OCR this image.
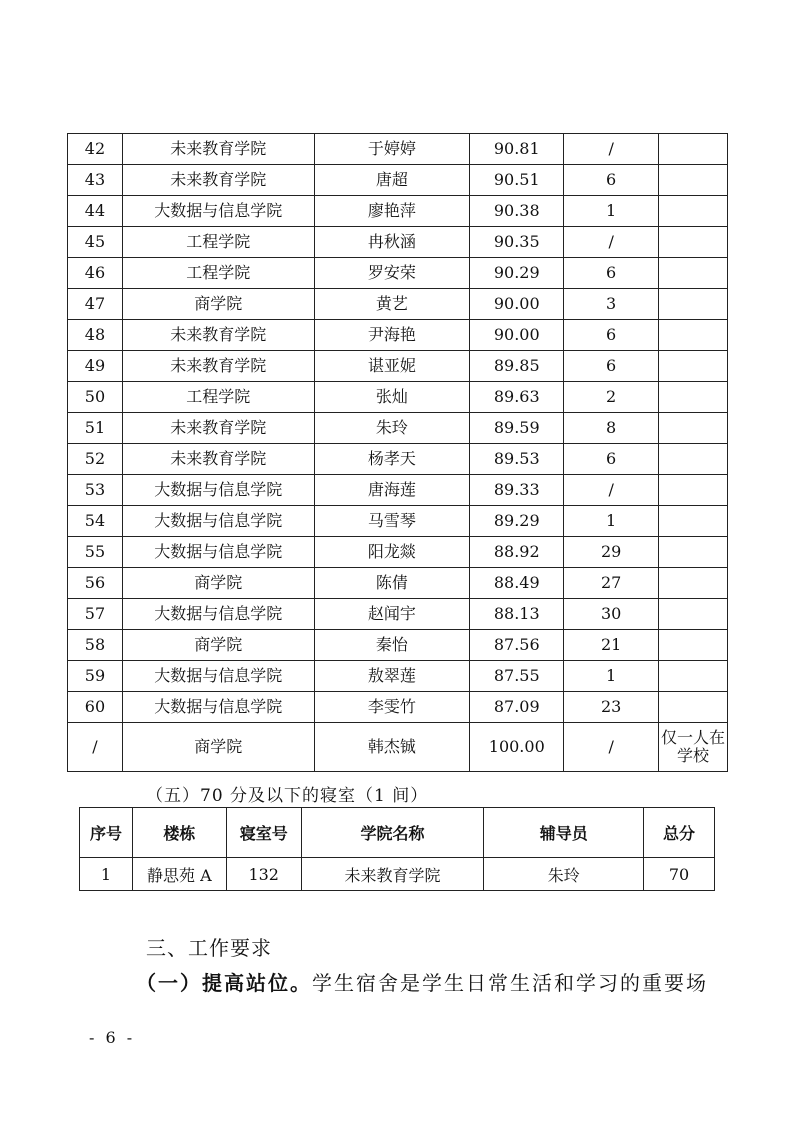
42	未来教育学院	于婷婷	90.81	/	
43	未来教育学院	唐超	90.51	6	
44	大数据与信息学院	廖艳萍	90.38	1	
45	工程学院	冉秋涵	90.35	/	
46	工程学院	罗安荣	90.29	6	
47	商学院	黄艺	90.00	3	
48	未来教育学院	尹海艳	90.00	6	
49	未来教育学院	谌亚妮	89.85	6	
50	工程学院	张灿	89.63	2	
51	未来教育学院	朱玲	89.59	8	
52	未来教育学院	杨孝天	89.53	6	
53	大数据与信息学院	唐海莲	89.33	/	
54	大数据与信息学院	马雪琴	89.29	1	
55	大数据与信息学院	阳龙燚	88.92	29	
56	商学院	陈倩	88.49	27	
57	大数据与信息学院	赵闻宇	88.13	30	
58	商学院	秦怡	87.56	21	
59	大数据与信息学院	敖翠莲	87.55	1	
60	大数据与信息学院	李雯竹	87.09	23	
/	商学院	韩杰铖	100.00	/	仅一人在学校
（五）70 分及以下的寝室（1 间）
序号	楼栋	寝室号	学院名称	辅导员	总分
1	静思苑 A	132	未来教育学院	朱玲	70
三、工作要求
（一）提高站位。学生宿舍是学生日常生活和学习的重要场
- 6 -
